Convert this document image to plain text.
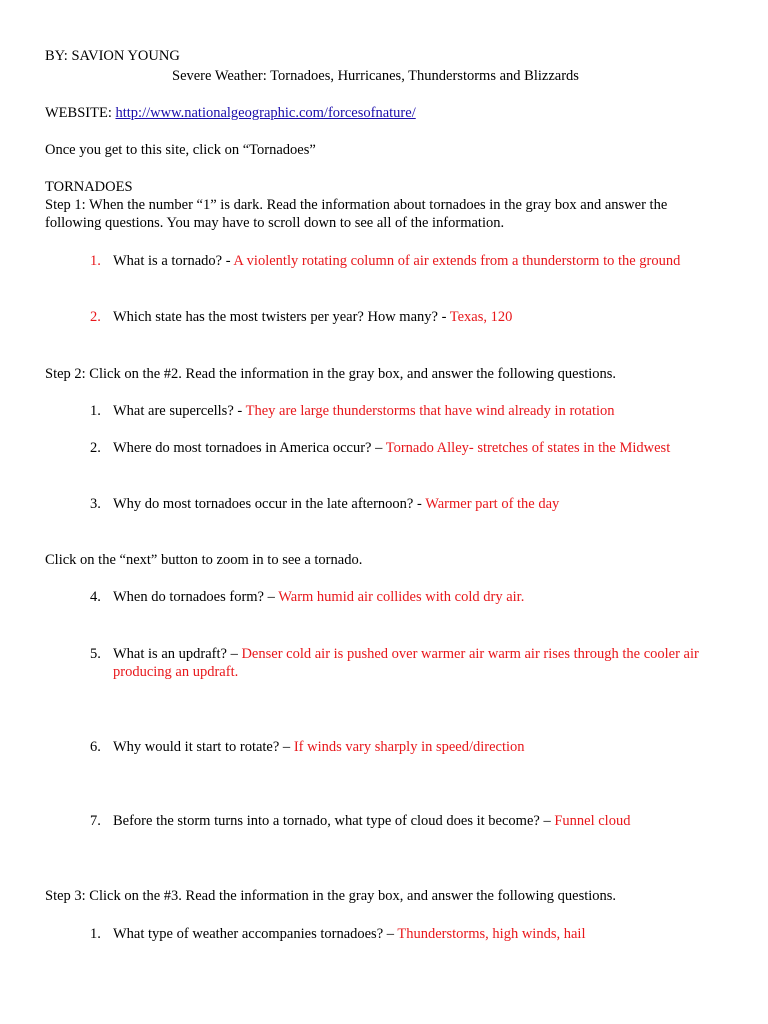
BY: SAVION YOUNG
Severe Weather: Tornadoes, Hurricanes, Thunderstorms and Blizzards
WEBSITE: http://www.nationalgeographic.com/forcesofnature/
Once you get to this site, click on “Tornadoes”
TORNADOES
Step 1: When the number “1” is dark. Read the information about tornadoes in the gray box and answer the
following questions. You may have to scroll down to see all of the information.
1. What is a tornado? - A violently rotating column of air extends from a thunderstorm to the ground
2. Which state has the most twisters per year? How many? - Texas, 120
Step 2: Click on the #2. Read the information in the gray box, and answer the following questions.
1. What are supercells? - They are large thunderstorms that have wind already in rotation
2. Where do most tornadoes in America occur? – Tornado Alley- stretches of states in the Midwest
3. Why do most tornadoes occur in the late afternoon? - Warmer part of the day
Click on the “next” button to zoom in to see a tornado.
4. When do tornadoes form? – Warm humid air collides with cold dry air.
5. What is an updraft? – Denser cold air is pushed over warmer air warm air rises through the cooler air
producing an updraft.
6. Why would it start to rotate? – If winds vary sharply in speed/direction
7. Before the storm turns into a tornado, what type of cloud does it become? – Funnel cloud
Step 3: Click on the #3. Read the information in the gray box, and answer the following questions.
1. What type of weather accompanies tornadoes? – Thunderstorms, high winds, hail
